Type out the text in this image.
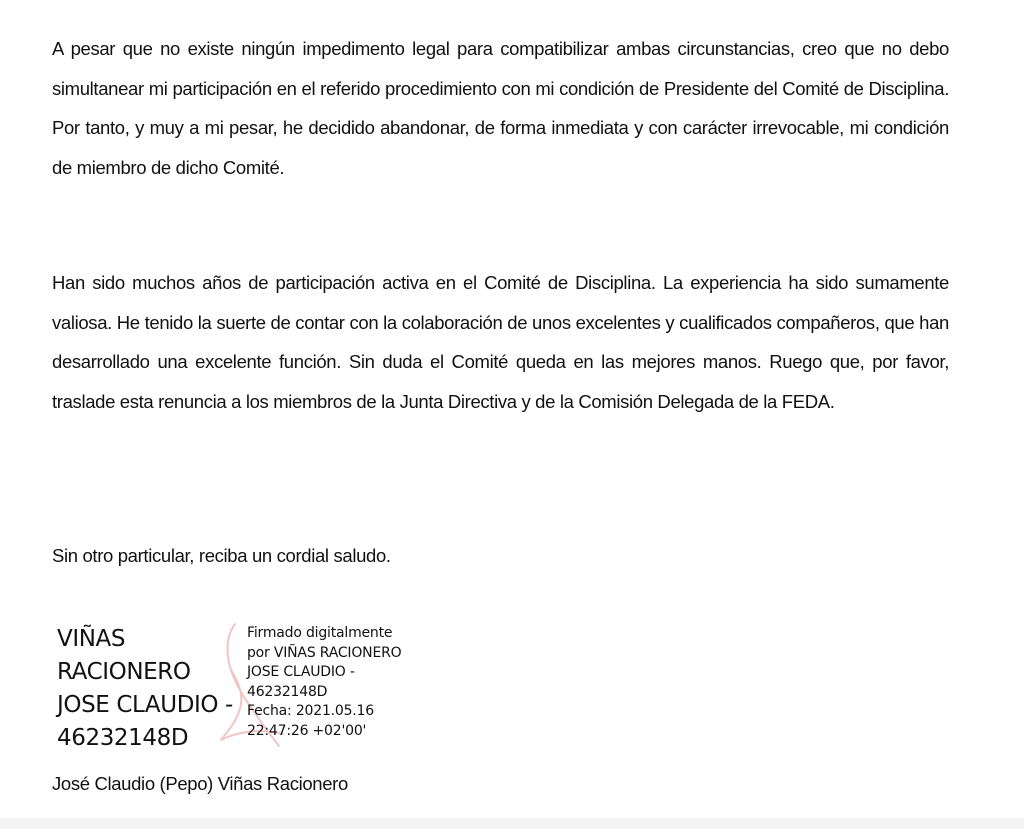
A pesar que no existe ningún impedimento legal para compatibilizar ambas circunstancias, creo que no debo simultanear mi participación en el referido procedimiento con mi condición de Presidente del Comité de Disciplina. Por tanto, y muy a mi pesar, he decidido abandonar, de forma inmediata y con carácter irrevocable, mi condición de miembro de dicho Comité.

Han sido muchos años de participación activa en el Comité de Disciplina. La experiencia ha sido sumamente valiosa. He tenido la suerte de contar con la colaboración de unos excelentes y cualificados compañeros, que han desarrollado una excelente función. Sin duda el Comité queda en las mejores manos. Ruego que, por favor, traslade esta renuncia a los miembros de la Junta Directiva y de la Comisión Delegada de la FEDA.

Sin otro particular, reciba un cordial saludo.

VIÑAS
RACIONERO
JOSE CLAUDIO -
46232148D
Firmado digitalmente
por VIÑAS RACIONERO
JOSE CLAUDIO -
46232148D
Fecha: 2021.05.16
22:47:26 +02'00'

José Claudio (Pepo) Viñas Racionero
